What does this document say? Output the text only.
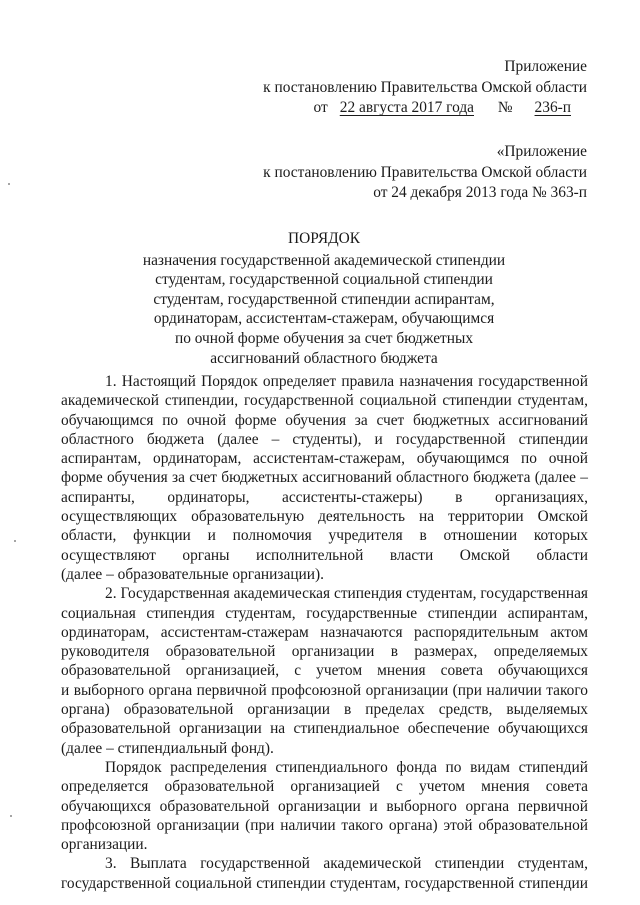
Приложение
к постановлению Правительства Омской области
от 22 августа 2017 года № 236-п
«Приложение
к постановлению Правительства Омской области
от 24 декабря 2013 года № 363-п
ПОРЯДОК
назначения государственной академической стипендии
студентам, государственной социальной стипендии
студентам, государственной стипендии аспирантам,
ординаторам, ассистентам-стажерам, обучающимся
по очной форме обучения за счет бюджетных
ассигнований областного бюджета

1. Настоящий Порядок определяет правила назначения государственной
академической стипендии, государственной социальной стипендии студентам,
обучающимся по очной форме обучения за счет бюджетных ассигнований
областного бюджета (далее – студенты), и государственной стипендии
аспирантам, ординаторам, ассистентам-стажерам, обучающимся по очной
форме обучения за счет бюджетных ассигнований областного бюджета (далее –
аспиранты, ординаторы, ассистенты-стажеры) в организациях,
осуществляющих образовательную деятельность на территории Омской
области, функции и полномочия учредителя в отношении которых
осуществляют органы исполнительной власти Омской области
(далее – образовательные организации).

2. Государственная академическая стипендия студентам, государственная
социальная стипендия студентам, государственные стипендии аспирантам,
ординаторам, ассистентам-стажерам назначаются распорядительным актом
руководителя образовательной организации в размерах, определяемых
образовательной организацией, с учетом мнения совета обучающихся
и выборного органа первичной профсоюзной организации (при наличии такого
органа) образовательной организации в пределах средств, выделяемых
образовательной организации на стипендиальное обеспечение обучающихся
(далее – стипендиальный фонд).

Порядок распределения стипендиального фонда по видам стипендий
определяется образовательной организацией с учетом мнения совета
обучающихся образовательной организации и выборного органа первичной
профсоюзной организации (при наличии такого органа) этой образовательной
организации.

3. Выплата государственной академической стипендии студентам,
государственной социальной стипендии студентам, государственной стипендии
